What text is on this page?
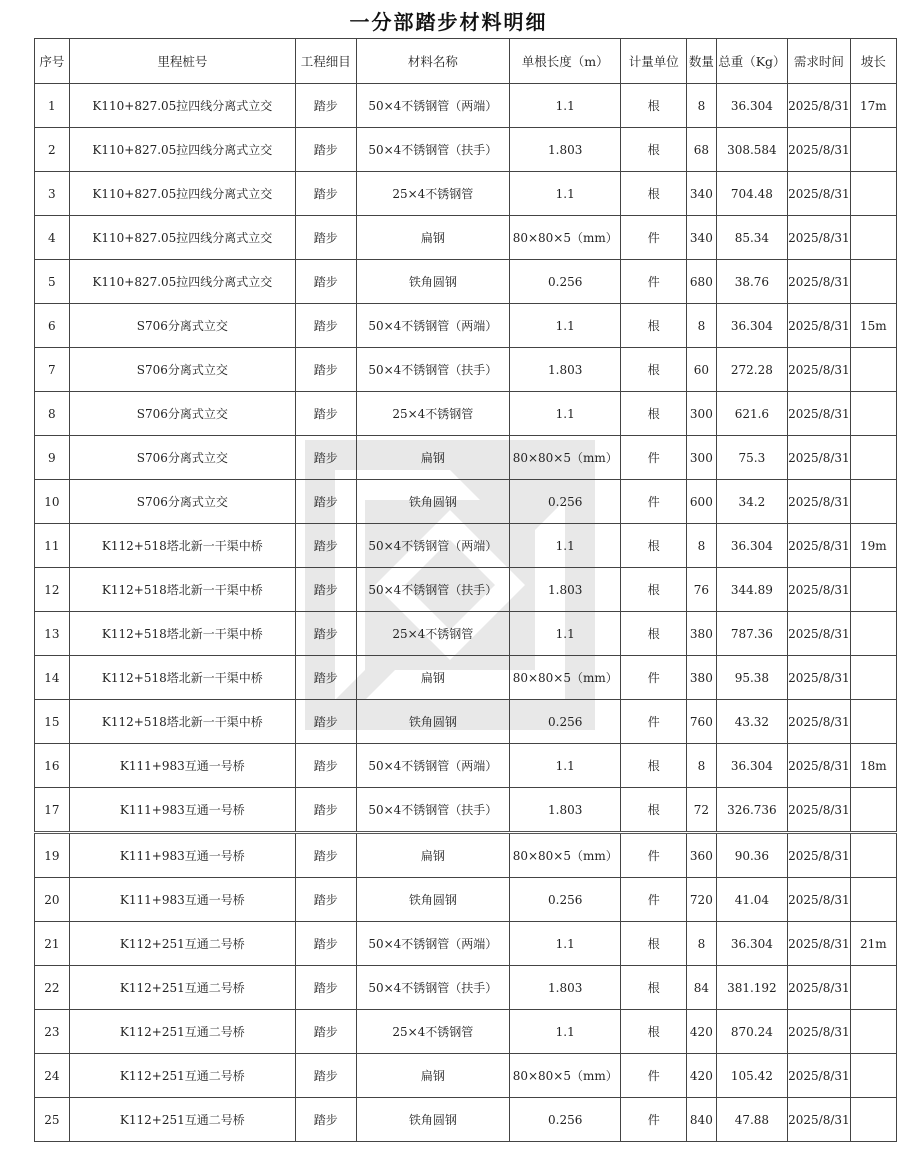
一分部踏步材料明细
序号	里程桩号	工程细目	材料名称	单根长度（m）	计量单位	数量	总重（Kg）	需求时间	坡长
1	K110+827.05拉四线分离式立交	踏步	50×4不锈钢管（两端）	1.1	根	8	36.304	2025/8/31	17m
2	K110+827.05拉四线分离式立交	踏步	50×4不锈钢管（扶手）	1.803	根	68	308.584	2025/8/31	
3	K110+827.05拉四线分离式立交	踏步	25×4不锈钢管	1.1	根	340	704.48	2025/8/31	
4	K110+827.05拉四线分离式立交	踏步	扁钢	80×80×5（mm）	件	340	85.34	2025/8/31	
5	K110+827.05拉四线分离式立交	踏步	铁角圆钢	0.256	件	680	38.76	2025/8/31	
6	S706分离式立交	踏步	50×4不锈钢管（两端）	1.1	根	8	36.304	2025/8/31	15m
7	S706分离式立交	踏步	50×4不锈钢管（扶手）	1.803	根	60	272.28	2025/8/31	
8	S706分离式立交	踏步	25×4不锈钢管	1.1	根	300	621.6	2025/8/31	
9	S706分离式立交	踏步	扁钢	80×80×5（mm）	件	300	75.3	2025/8/31	
10	S706分离式立交	踏步	铁角圆钢	0.256	件	600	34.2	2025/8/31	
11	K112+518塔北新一干渠中桥	踏步	50×4不锈钢管（两端）	1.1	根	8	36.304	2025/8/31	19m
12	K112+518塔北新一干渠中桥	踏步	50×4不锈钢管（扶手）	1.803	根	76	344.89	2025/8/31	
13	K112+518塔北新一干渠中桥	踏步	25×4不锈钢管	1.1	根	380	787.36	2025/8/31	
14	K112+518塔北新一干渠中桥	踏步	扁钢	80×80×5（mm）	件	380	95.38	2025/8/31	
15	K112+518塔北新一干渠中桥	踏步	铁角圆钢	0.256	件	760	43.32	2025/8/31	
16	K111+983互通一号桥	踏步	50×4不锈钢管（两端）	1.1	根	8	36.304	2025/8/31	18m
17	K111+983互通一号桥	踏步	50×4不锈钢管（扶手）	1.803	根	72	326.736	2025/8/31	
19	K111+983互通一号桥	踏步	扁钢	80×80×5（mm）	件	360	90.36	2025/8/31	
20	K111+983互通一号桥	踏步	铁角圆钢	0.256	件	720	41.04	2025/8/31	
21	K112+251互通二号桥	踏步	50×4不锈钢管（两端）	1.1	根	8	36.304	2025/8/31	21m
22	K112+251互通二号桥	踏步	50×4不锈钢管（扶手）	1.803	根	84	381.192	2025/8/31	
23	K112+251互通二号桥	踏步	25×4不锈钢管	1.1	根	420	870.24	2025/8/31	
24	K112+251互通二号桥	踏步	扁钢	80×80×5（mm）	件	420	105.42	2025/8/31	
25	K112+251互通二号桥	踏步	铁角圆钢	0.256	件	840	47.88	2025/8/31	
